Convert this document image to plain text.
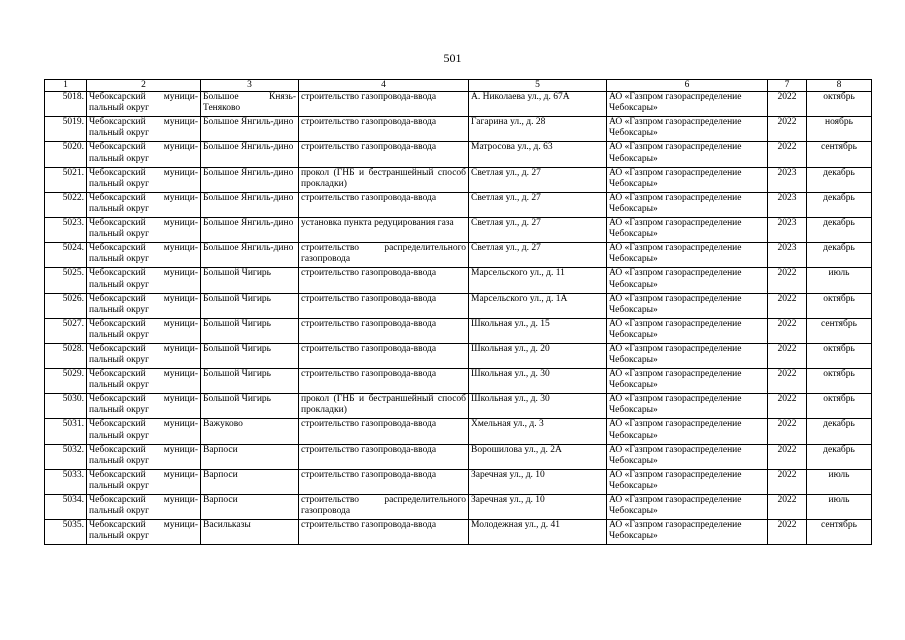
501
1	2	3	4	5	6	7	8
5018.	Чебоксарский муници-пальный округ	Большое Князь-Теняково	строительство газопровода-ввода	А. Николаева ул., д. 67А	АО «Газпром газораспределение Чебоксары»	2022	октябрь
5019.	Чебоксарский муници-пальный округ	Большое Янгиль-дино	строительство газопровода-ввода	Гагарина ул., д. 28	АО «Газпром газораспределение Чебоксары»	2022	ноябрь
5020.	Чебоксарский муници-пальный округ	Большое Янгиль-дино	строительство газопровода-ввода	Матросова ул., д. 63	АО «Газпром газораспределение Чебоксары»	2022	сентябрь
5021.	Чебоксарский муници-пальный округ	Большое Янгиль-дино	прокол (ГНБ и бестраншейный способ прокладки)	Светлая ул., д. 27	АО «Газпром газораспределение Чебоксары»	2023	декабрь
5022.	Чебоксарский муници-пальный округ	Большое Янгиль-дино	строительство газопровода-ввода	Светлая ул., д. 27	АО «Газпром газораспределение Чебоксары»	2023	декабрь
5023.	Чебоксарский муници-пальный округ	Большое Янгиль-дино	установка пункта редуцирования газа	Светлая ул., д. 27	АО «Газпром газораспределение Чебоксары»	2023	декабрь
5024.	Чебоксарский муници-пальный округ	Большое Янгиль-дино	строительство распределительного газопровода	Светлая ул., д. 27	АО «Газпром газораспределение Чебоксары»	2023	декабрь
5025.	Чебоксарский муници-пальный округ	Большой Чигирь	строительство газопровода-ввода	Марсельского ул., д. 11	АО «Газпром газораспределение Чебоксары»	2022	июль
5026.	Чебоксарский муници-пальный округ	Большой Чигирь	строительство газопровода-ввода	Марсельского ул., д. 1А	АО «Газпром газораспределение Чебоксары»	2022	октябрь
5027.	Чебоксарский муници-пальный округ	Большой Чигирь	строительство газопровода-ввода	Школьная ул., д. 15	АО «Газпром газораспределение Чебоксары»	2022	сентябрь
5028.	Чебоксарский муници-пальный округ	Большой Чигирь	строительство газопровода-ввода	Школьная ул., д. 20	АО «Газпром газораспределение Чебоксары»	2022	октябрь
5029.	Чебоксарский муници-пальный округ	Большой Чигирь	строительство газопровода-ввода	Школьная ул., д. 30	АО «Газпром газораспределение Чебоксары»	2022	октябрь
5030.	Чебоксарский муници-пальный округ	Большой Чигирь	прокол (ГНБ и бестраншейный способ прокладки)	Школьная ул., д. 30	АО «Газпром газораспределение Чебоксары»	2022	октябрь
5031.	Чебоксарский муници-пальный округ	Важуково	строительство газопровода-ввода	Хмельная ул., д. 3	АО «Газпром газораспределение Чебоксары»	2022	декабрь
5032.	Чебоксарский муници-пальный округ	Варпоси	строительство газопровода-ввода	Ворошилова ул., д. 2А	АО «Газпром газораспределение Чебоксары»	2022	декабрь
5033.	Чебоксарский муници-пальный округ	Варпоси	строительство газопровода-ввода	Заречная ул., д. 10	АО «Газпром газораспределение Чебоксары»	2022	июль
5034.	Чебоксарский муници-пальный округ	Варпоси	строительство распределительного газопровода	Заречная ул., д. 10	АО «Газпром газораспределение Чебоксары»	2022	июль
5035.	Чебоксарский муници-пальный округ	Васильказы	строительство газопровода-ввода	Молодежная ул., д. 41	АО «Газпром газораспределение Чебоксары»	2022	сентябрь
